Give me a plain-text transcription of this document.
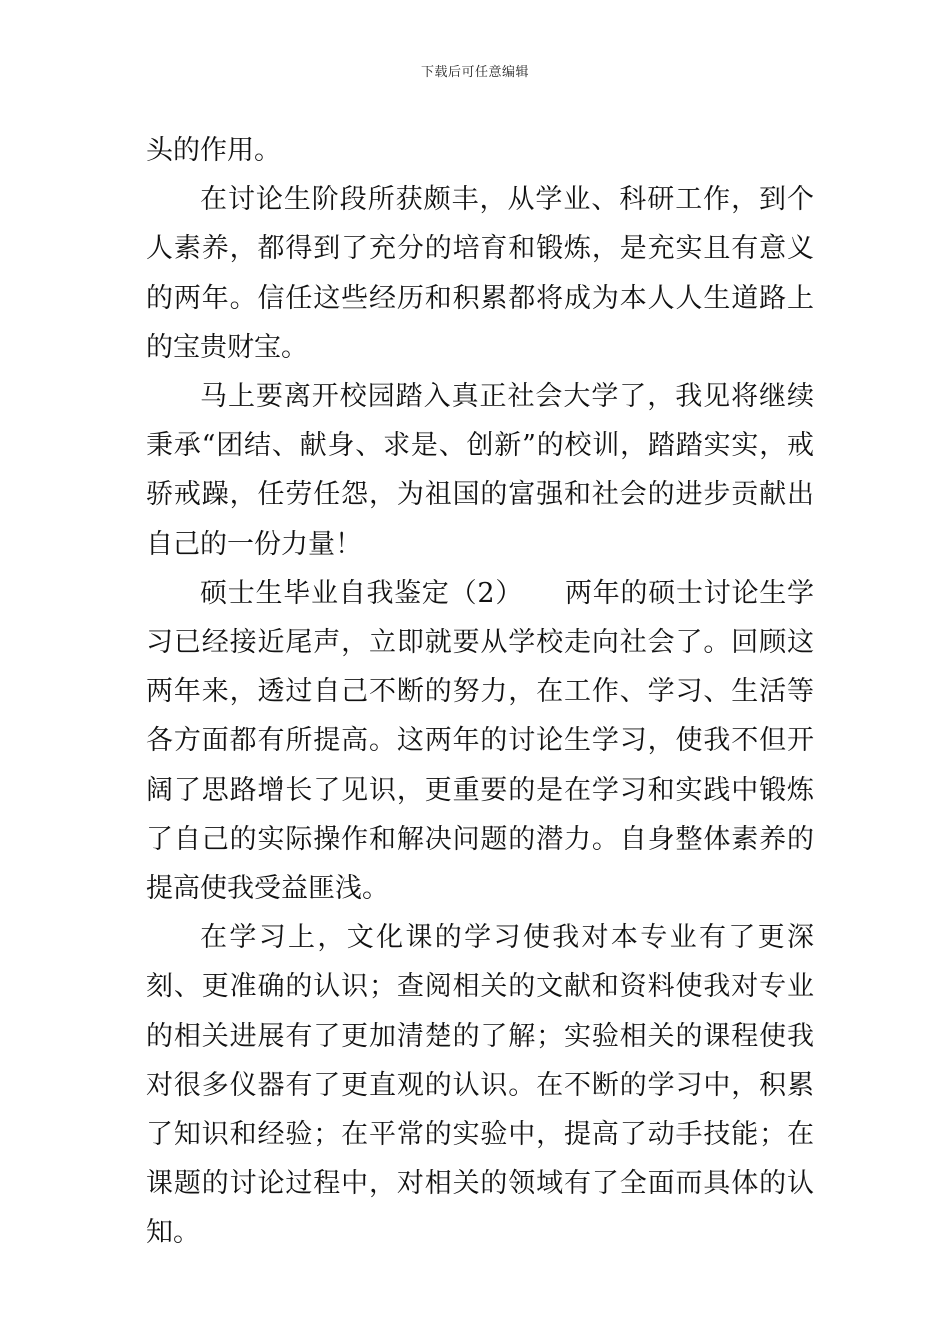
下载后可任意编辑

头的作用。

在讨论生阶段所获颇丰，从学业、科研工作，到个人素养，都得到了充分的培育和锻炼，是充实且有意义的两年。信任这些经历和积累都将成为本人人生道路上的宝贵财宝。

马上要离开校园踏入真正社会大学了，我见将继续秉承“团结、献身、求是、创新”的校训，踏踏实实，戒骄戒躁，任劳任怨，为祖国的富强和社会的进步贡献出自己的一份力量！

硕士生毕业自我鉴定（2）　　两年的硕士讨论生学习已经接近尾声，立即就要从学校走向社会了。回顾这两年来，透过自己不断的努力，在工作、学习、生活等各方面都有所提高。这两年的讨论生学习，使我不但开阔了思路增长了见识，更重要的是在学习和实践中锻炼了自己的实际操作和解决问题的潜力。自身整体素养的提高使我受益匪浅。

在学习上，文化课的学习使我对本专业有了更深刻、更准确的认识；查阅相关的文献和资料使我对专业的相关进展有了更加清楚的了解；实验相关的课程使我对很多仪器有了更直观的认识。在不断的学习中，积累了知识和经验；在平常的实验中，提高了动手技能；在课题的讨论过程中，对相关的领域有了全面而具体的认知。
